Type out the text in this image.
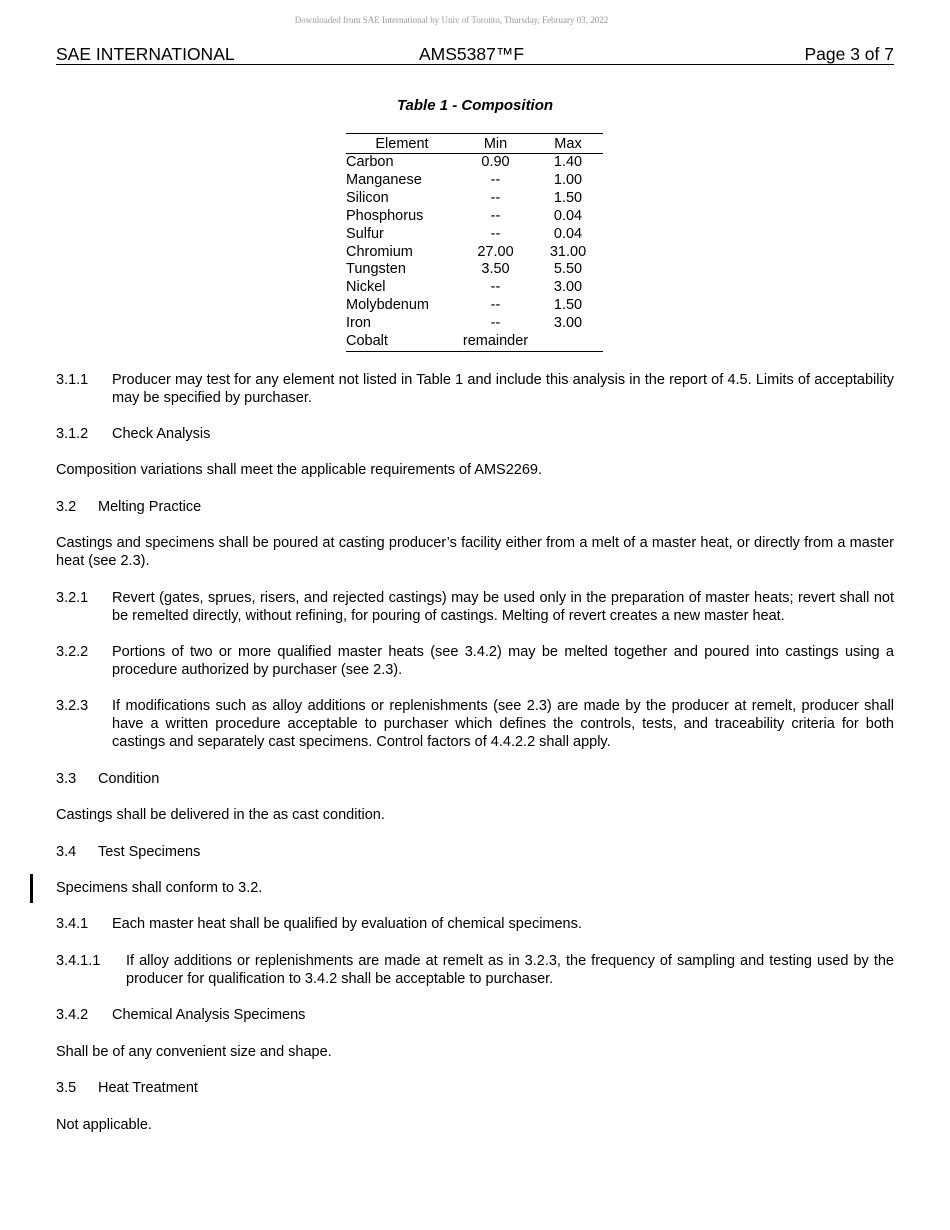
Downloaded from SAE International by Univ of Toronto, Thursday, February 03, 2022
SAE INTERNATIONAL	AMS5387™F	Page 3 of 7
Table 1 - Composition
Element	Min	Max
Carbon	0.90	1.40
Manganese	--	1.00
Silicon	--	1.50
Phosphorus	--	0.04
Sulfur	--	0.04
Chromium	27.00	31.00
Tungsten	3.50	5.50
Nickel	--	3.00
Molybdenum	--	1.50
Iron	--	3.00
Cobalt	remainder	
3.1.1 Producer may test for any element not listed in Table 1 and include this analysis in the report of 4.5. Limits of acceptability may be specified by purchaser.
3.1.2 Check Analysis
Composition variations shall meet the applicable requirements of AMS2269.
3.2 Melting Practice
Castings and specimens shall be poured at casting producer’s facility either from a melt of a master heat, or directly from a master heat (see 2.3).
3.2.1 Revert (gates, sprues, risers, and rejected castings) may be used only in the preparation of master heats; revert shall not be remelted directly, without refining, for pouring of castings. Melting of revert creates a new master heat.
3.2.2 Portions of two or more qualified master heats (see 3.4.2) may be melted together and poured into castings using a procedure authorized by purchaser (see 2.3).
3.2.3 If modifications such as alloy additions or replenishments (see 2.3) are made by the producer at remelt, producer shall have a written procedure acceptable to purchaser which defines the controls, tests, and traceability criteria for both castings and separately cast specimens. Control factors of 4.4.2.2 shall apply.
3.3 Condition
Castings shall be delivered in the as cast condition.
3.4 Test Specimens
Specimens shall conform to 3.2.
3.4.1 Each master heat shall be qualified by evaluation of chemical specimens.
3.4.1.1 If alloy additions or replenishments are made at remelt as in 3.2.3, the frequency of sampling and testing used by the producer for qualification to 3.4.2 shall be acceptable to purchaser.
3.4.2 Chemical Analysis Specimens
Shall be of any convenient size and shape.
3.5 Heat Treatment
Not applicable.
